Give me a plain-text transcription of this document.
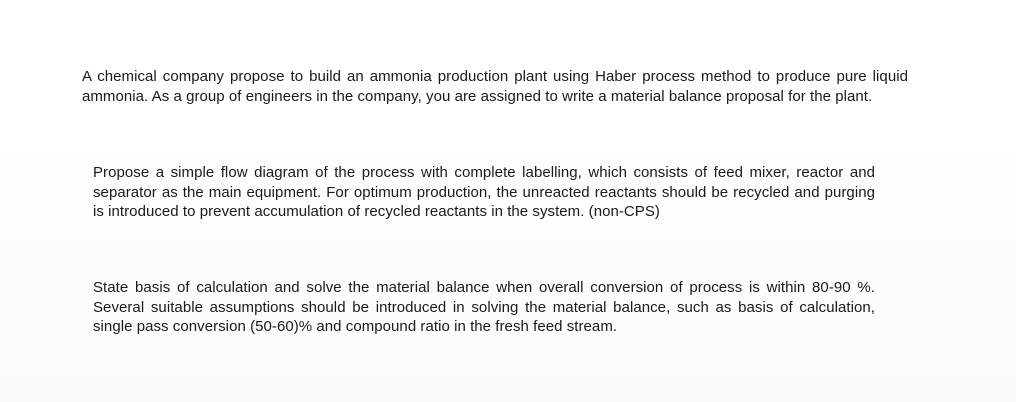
A chemical company propose to build an ammonia production plant using Haber process method to produce pure liquid ammonia. As a group of engineers in the company, you are assigned to write a material balance proposal for the plant.

Propose a simple flow diagram of the process with complete labelling, which consists of feed mixer, reactor and separator as the main equipment. For optimum production, the unreacted reactants should be recycled and purging is introduced to prevent accumulation of recycled reactants in the system. (non-CPS)

State basis of calculation and solve the material balance when overall conversion of process is within 80-90 %. Several suitable assumptions should be introduced in solving the material balance, such as basis of calculation, single pass conversion (50-60)% and compound ratio in the fresh feed stream.
